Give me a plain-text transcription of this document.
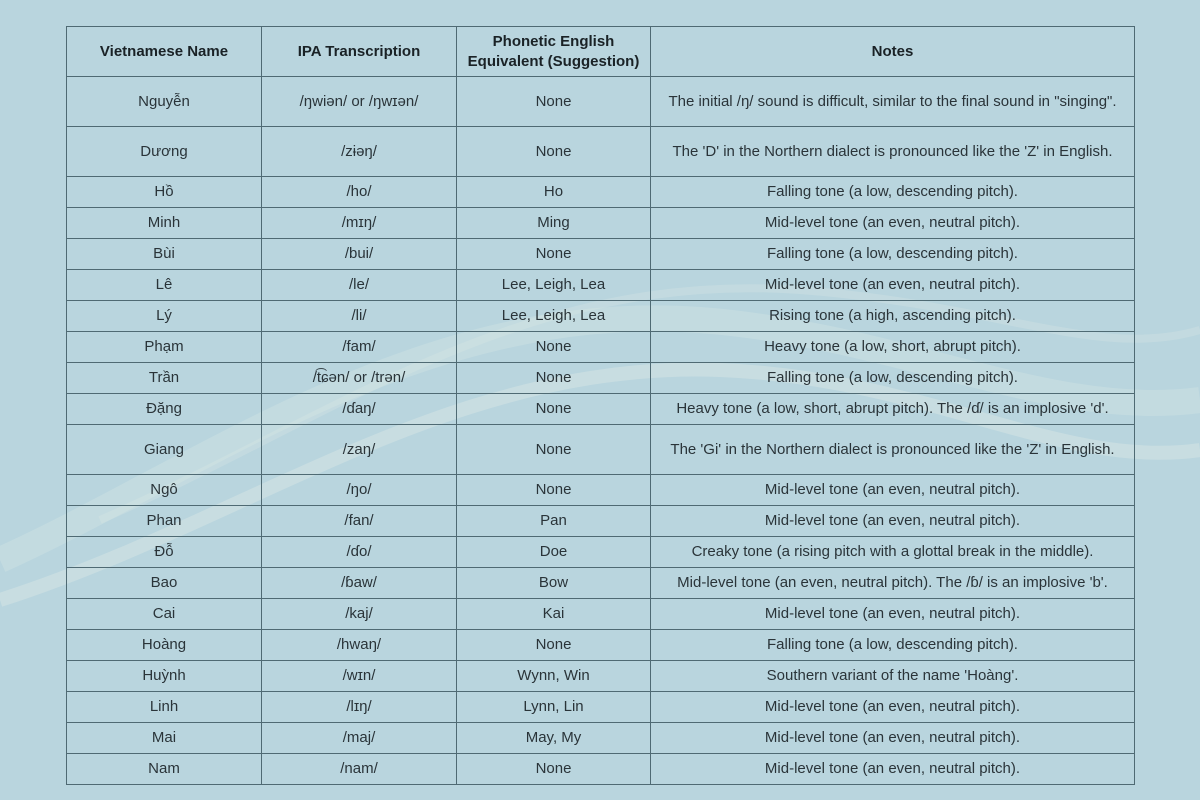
Vietnamese Name	IPA Transcription	Phonetic English Equivalent (Suggestion)	Notes
Nguyễn	/ŋwiən/ or /ŋwɪən/	None	The initial /ŋ/ sound is difficult, similar to the final sound in "singing".
Dương	/zɨəŋ/	None	The 'D' in the Northern dialect is pronounced like the 'Z' in English.
Hồ	/ho/	Ho	Falling tone (a low, descending pitch).
Minh	/mɪŋ/	Ming	Mid-level tone (an even, neutral pitch).
Bùi	/bui/	None	Falling tone (a low, descending pitch).
Lê	/le/	Lee, Leigh, Lea	Mid-level tone (an even, neutral pitch).
Lý	/li/	Lee, Leigh, Lea	Rising tone (a high, ascending pitch).
Phạm	/fam/	None	Heavy tone (a low, short, abrupt pitch).
Trần	/t͡ɕən/ or /trən/	None	Falling tone (a low, descending pitch).
Đặng	/ɗaŋ/	None	Heavy tone (a low, short, abrupt pitch). The /ɗ/ is an implosive 'd'.
Giang	/zaŋ/	None	The 'Gi' in the Northern dialect is pronounced like the 'Z' in English.
Ngô	/ŋo/	None	Mid-level tone (an even, neutral pitch).
Phan	/fan/	Pan	Mid-level tone (an even, neutral pitch).
Đỗ	/ɗo/	Doe	Creaky tone (a rising pitch with a glottal break in the middle).
Bao	/ɓaw/	Bow	Mid-level tone (an even, neutral pitch). The /ɓ/ is an implosive 'b'.
Cai	/kaj/	Kai	Mid-level tone (an even, neutral pitch).
Hoàng	/hwaŋ/	None	Falling tone (a low, descending pitch).
Huỳnh	/wɪn/	Wynn, Win	Southern variant of the name 'Hoàng'.
Linh	/lɪŋ/	Lynn, Lin	Mid-level tone (an even, neutral pitch).
Mai	/maj/	May, My	Mid-level tone (an even, neutral pitch).
Nam	/nam/	None	Mid-level tone (an even, neutral pitch).
